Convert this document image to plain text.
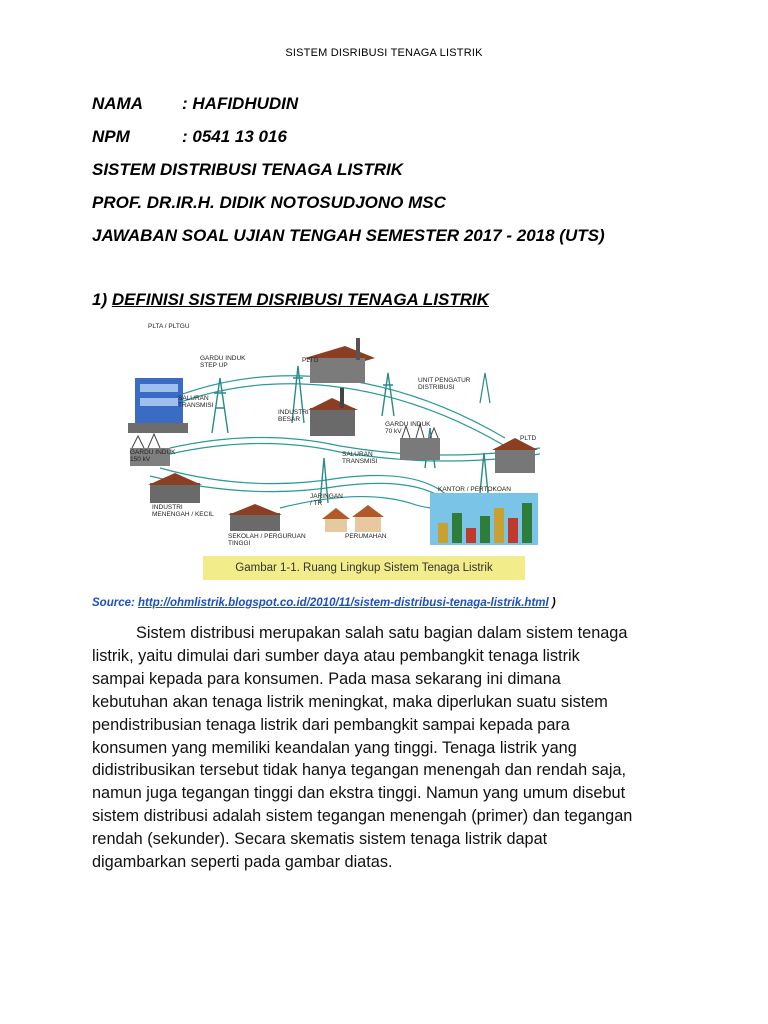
SISTEM DISRIBUSI TENAGA LISTRIK
NAMA : HAFIDHUDIN
NPM	: 0541 13 016
SISTEM DISTRIBUSI TENAGA LISTRIK
PROF. DR.IR.H. DIDIK NOTOSUDJONO MSC
JAWABAN SOAL UJIAN TENGAH SEMESTER 2017 - 2018 (UTS)
1) DEFINISI SISTEM DISRIBUSI TENAGA LISTRIK
PLTA / PLTGU
GARDU INDUK
STEP UP
PLTG
SALURAN
TRANSMISI
INDUSTRI
BESAR
UNIT PENGATUR
DISTRIBUSI
GARDU INDUK
70 kV
PLTD
GARDU INDUK
150 kV
SALURAN
TRANSMISI
INDUSTRI
MENENGAH / KECIL
JARINGAN
/ TR
KANTOR / PERTOKOAN
SEKOLAH / PERGURUAN
TINGGI
PERUMAHAN
Gambar 1-1. Ruang Lingkup Sistem Tenaga Listrik
Source: http://ohmlistrik.blogspot.co.id/2010/11/sistem-distribusi-tenaga-listrik.html )
Sistem distribusi merupakan salah satu bagian dalam sistem tenaga
listrik, yaitu dimulai dari sumber daya atau pembangkit tenaga listrik
sampai kepada para konsumen. Pada masa sekarang ini dimana
kebutuhan akan tenaga listrik meningkat, maka diperlukan suatu sistem
pendistribusian tenaga listrik dari pembangkit sampai kepada para
konsumen yang memiliki keandalan yang tinggi. Tenaga listrik yang
didistribusikan tersebut tidak hanya tegangan menengah dan rendah saja,
namun juga tegangan tinggi dan ekstra tinggi. Namun yang umum disebut
sistem distribusi adalah sistem tegangan menengah (primer) dan tegangan
rendah (sekunder). Secara skematis sistem tenaga listrik dapat
digambarkan seperti pada gambar diatas.
